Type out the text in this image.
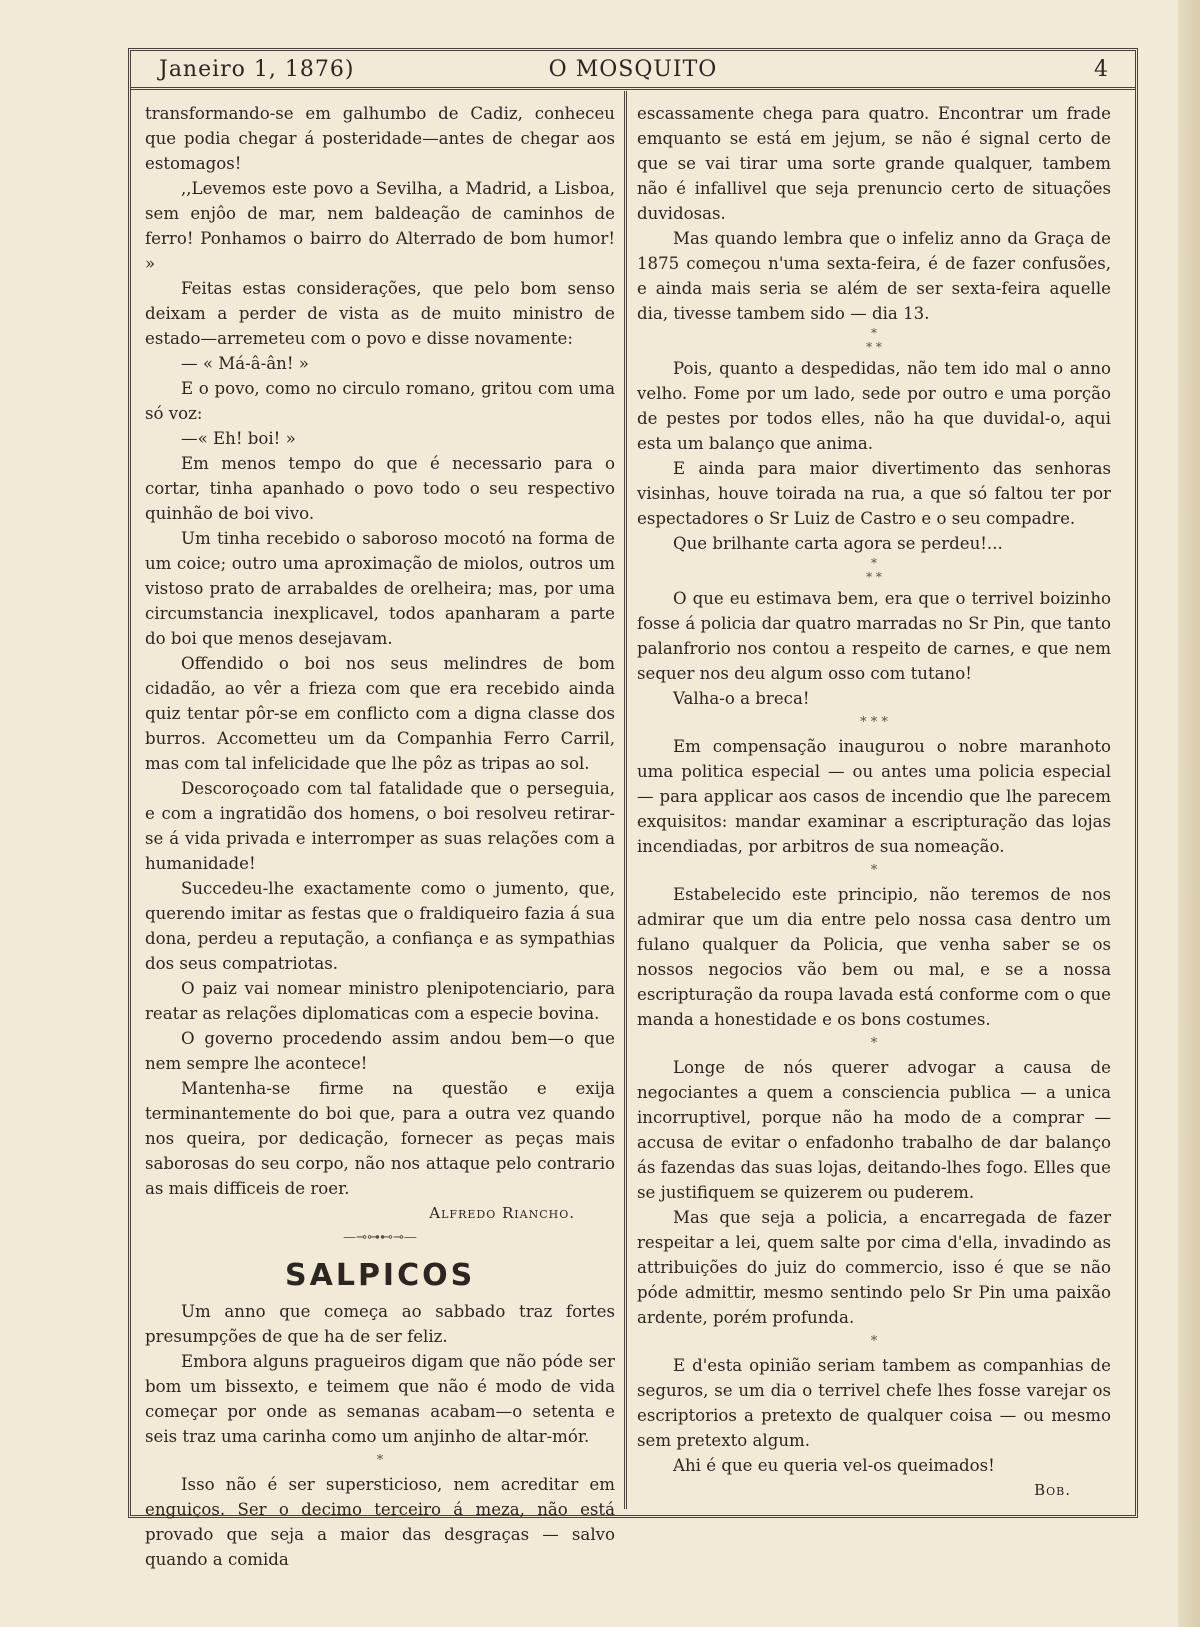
Janeiro 1, 1876)	O MOSQUITO	4

transformando-se em galhumbo de Cadiz, conheceu que podia chegar á posteridade—antes de chegar aos estomagos!

,,Levemos este povo a Sevilha, a Madrid, a Lisboa, sem enjôo de mar, nem baldeação de caminhos de ferro! Ponhamos o bairro do Alterrado de bom humor! »

Feitas estas considerações, que pelo bom senso deixam a perder de vista as de muito ministro de estado—arremeteu com o povo e disse novamente:

— « Má-â-ân! »

E o povo, como no circulo romano, gritou com uma só voz:

—« Eh! boi! »

Em menos tempo do que é necessario para o cortar, tinha apanhado o povo todo o seu respectivo quinhão de boi vivo.

Um tinha recebido o saboroso mocotó na forma de um coice; outro uma aproximação de miolos, outros um vistoso prato de arrabaldes de orelheira; mas, por uma circumstancia inexplicavel, todos apanharam a parte do boi que menos desejavam.

Offendido o boi nos seus melindres de bom cidadão, ao vêr a frieza com que era recebido ainda quiz tentar pôr-se em conflicto com a digna classe dos burros. Accometteu um da Companhia Ferro Carril, mas com tal infelicidade que lhe pôz as tripas ao sol.

Descoroçoado com tal fatalidade que o perseguia, e com a ingratidão dos homens, o boi resolveu retirar-se á vida privada e interromper as suas relações com a humanidade!

Succedeu-lhe exactamente como o jumento, que, querendo imitar as festas que o fraldiqueiro fazia á sua dona, perdeu a reputação, a confiança e as sympathias dos seus compatriotas.

O paiz vai nomear ministro plenipotenciario, para reatar as relações diplomaticas com a especie bovina.

O governo procedendo assim andou bem—o que nem sempre lhe acontece!

Mantenha-se firme na questão e exija terminantemente do boi que, para a outra vez quando nos queira, por dedicação, fornecer as peças mais saborosas do seu corpo, não nos attaque pelo contrario as mais difficeis de roer.

Alfredo Riancho.

—⊸⊶⊷⊸—
SALPICOS

Um anno que começa ao sabbado traz fortes presumpções de que ha de ser feliz.

Embora alguns pragueiros digam que não póde ser bom um bissexto, e teimem que não é modo de vida começar por onde as semanas acabam—o setenta e seis traz uma carinha como um anjinho de altar-mór.

*

Isso não é ser supersticioso, nem acreditar em enguiços. Ser o decimo terceiro á meza, não está provado que seja a maior das desgraças — salvo quando a comida

escassamente chega para quatro. Encontrar um frade emquanto se está em jejum, se não é signal certo de que se vai tirar uma sorte grande qualquer, tambem não é infallivel que seja prenuncio certo de situações duvidosas.

Mas quando lembra que o infeliz anno da Graça de 1875 começou n'uma sexta-feira, é de fazer confusões, e ainda mais seria se além de ser sexta-feira aquelle dia, tivesse tambem sido — dia 13.

*
* *

Pois, quanto a despedidas, não tem ido mal o anno velho. Fome por um lado, sede por outro e uma porção de pestes por todos elles, não ha que duvidal-o, aqui esta um balanço que anima.

E ainda para maior divertimento das senhoras visinhas, houve toirada na rua, a que só faltou ter por espectadores o Sr Luiz de Castro e o seu compadre.

Que brilhante carta agora se perdeu!...

*
* *

O que eu estimava bem, era que o terrivel boizinho fosse á policia dar quatro marradas no Sr Pin, que tanto palanfrorio nos contou a respeito de carnes, e que nem sequer nos deu algum osso com tutano!

Valha-o a breca!

* * *

Em compensação inaugurou o nobre maranhoto uma politica especial — ou antes uma policia especial — para applicar aos casos de incendio que lhe parecem exquisitos: mandar examinar a escripturação das lojas incendiadas, por arbitros de sua nomeação.

*

Estabelecido este principio, não teremos de nos admirar que um dia entre pelo nossa casa dentro um fulano qualquer da Policia, que venha saber se os nossos negocios vão bem ou mal, e se a nossa escripturação da roupa lavada está conforme com o que manda a honestidade e os bons costumes.

*

Longe de nós querer advogar a causa de negociantes a quem a consciencia publica — a unica incorruptivel, porque não ha modo de a comprar — accusa de evitar o enfadonho trabalho de dar balanço ás fazendas das suas lojas, deitando-lhes fogo. Elles que se justifiquem se quizerem ou puderem.

Mas que seja a policia, a encarregada de fazer respeitar a lei, quem salte por cima d'ella, invadindo as attribuições do juiz do commercio, isso é que se não póde admittir, mesmo sentindo pelo Sr Pin uma paixão ardente, porém profunda.

*

E d'esta opinião seriam tambem as companhias de seguros, se um dia o terrivel chefe lhes fosse varejar os escriptorios a pretexto de qualquer coisa — ou mesmo sem pretexto algum.

Ahi é que eu queria vel-os queimados!

Bob.
